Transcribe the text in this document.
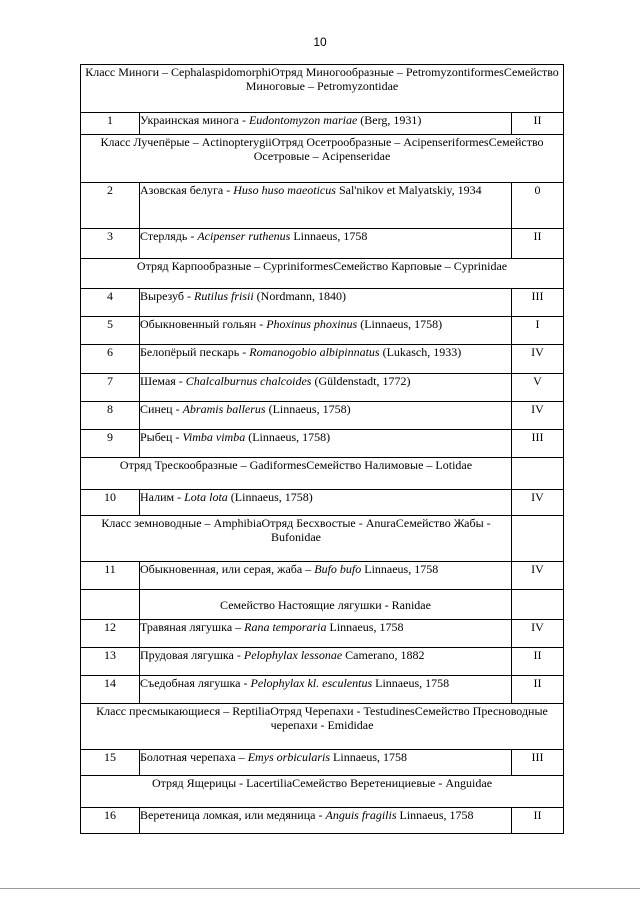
10
Класс Миноги – CephalaspidomorphiОтряд Миногообразные – PetromyzontiformesСемейство Миноговые – Petromyzontidae		
1	Украинская минога - Eudontomyzon mariae (Berg, 1931)	II
Класс Лучепёрые – ActinopterygiiОтряд Осетрообразные – AcipenseriformesСемейство Осетровые – Acipenseridae		
2	Азовская белуга - Huso huso maeoticus Sal'nikov et Malyatskiy, 1934	0
3	Стерлядь - Acipenser ruthenus Linnaeus, 1758	II
Отряд Карпообразные – CypriniformesСемейство Карповые – Cyprinidae		
4	Вырезуб - Rutilus frisii (Nordmann, 1840)	III
5	Обыкновенный гольян - Phoxinus phoxinus (Linnaeus, 1758)	I
6	Белопёрый пескарь - Romanogobio albipinnatus (Lukasch, 1933)	IV
7	Шемая - Chalcalburnus chalcoides (Güldenstadt, 1772)	V
8	Синец - Abramis ballerus (Linnaeus, 1758)	IV
9	Рыбец - Vimba vimba (Linnaeus, 1758)	III
Отряд Трескообразные – GadiformesСемейство Налимовые – Lotidae		
10	Налим - Lota lota (Linnaeus, 1758)	IV
Класс земноводные – AmphibiaОтряд Бесхвостые - AnuraСемейство Жабы - Bufonidae		
11	Обыкновенная, или серая, жаба – Bufo bufo Linnaeus, 1758	IV
	Семейство Настоящие лягушки - Ranidae	
12	Травяная лягушка – Rana temporaria Linnaeus, 1758	IV
13	Прудовая лягушка - Pelophylax lessonae Camerano, 1882	II
14	Съедобная лягушка - Pelophylax kl. esculentus Linnaeus, 1758	II
Класс пресмыкающиеся – ReptiliaОтряд Черепахи - TestudinesСемейство Пресноводные черепахи - Emididae		
15	Болотная черепаха – Emys orbicularis Linnaeus, 1758	III
Отряд Ящерицы - LacertiliaСемейство Веретенициевые - Anguidae		
16	Веретеница ломкая, или медяница - Anguis fragilis Linnaeus, 1758	II
